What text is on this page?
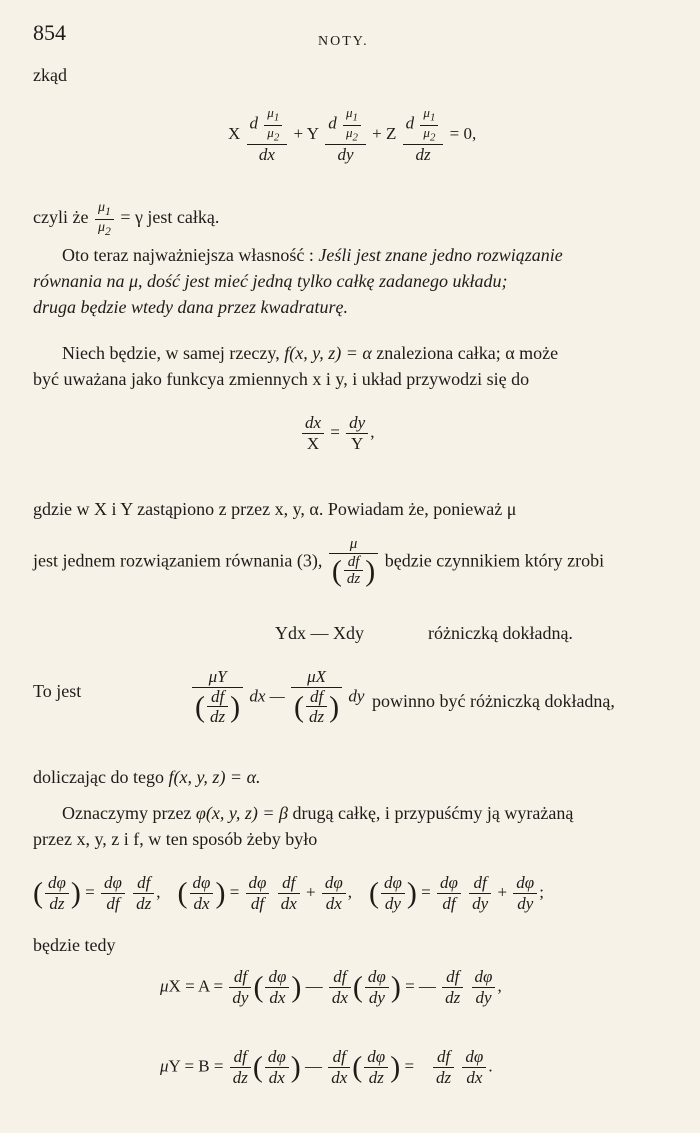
854	NOTY.
zkąd
X $\frac{d \frac{\mu_1}{\mu_2}}{dx} + Y \frac{d \frac{\mu_1}{\mu_2}}{dy} + Z \frac{d \frac{\mu_1}{\mu_2}}{dz} = 0$,
czyli że $\frac{\mu_1}{\mu_2} = \gamma$ jest całką.
Oto teraz najważniejsza własność : Jeśli jest znane jedno rozwiązanie
równania na μ, dość jest mieć jedną tylko całkę zadanego układu;
druga będzie wtedy dana przez kwadraturę.
Niech będzie, w samej rzeczy, f(x, y, z) = α znaleziona całka; α może
być uważana jako funkcya zmiennych x i y, i układ przywodzi się do
$\frac{dx}{X} = \frac{dy}{Y}$ ,
gdzie w X i Y zastąpiono z przez x, y, α. Powiadam że, ponieważ μ
jest jednem rozwiązaniem równania (3), $\frac{\mu}{( \frac{df}{dz} )}$ będzie czynnikiem który zrobi
Ydx — Xdy	różniczką dokładną.
To jest	$\frac{\mu Y}{( \frac{df}{dz} )}$ dx — $\frac{\mu X}{( \frac{df}{dz} )}$ dy powinno być różniczką dokładną,
doliczając do tego f(x, y, z) = α.
Oznaczymy przez φ(x, y, z) = β drugą całkę, i przypuśćmy ją wyrażaną
przez x, y, z i f, w ten sposób żeby było
( $\frac{d\varphi}{dz}$ ) = $\frac{d\varphi}{df}$
$\frac{df}{dz}$ , ( $\frac{d\varphi}{dx}$ ) = $\frac{d\varphi}{df}$
$\frac{df}{dx} + \frac{d\varphi}{dx}$ , ( $\frac{d\varphi}{dy}$ ) = $\frac{d\varphi}{df}$
$\frac{df}{dy} + \frac{d\varphi}{dy}$ ;
będzie tedy
$\mu X = A = \frac{df}{dy}$ ( $\frac{d\varphi}{dx}$ ) — $\frac{df}{dx}$ ( $\frac{d\varphi}{dy}$ ) = — $\frac{df}{dz}$
$\frac{d\varphi}{dy}$ ,
$\mu Y = B = \frac{df}{dz}$ ( $\frac{d\varphi}{dx}$ ) — $\frac{df}{dx}$ ( $\frac{d\varphi}{dz}$ ) = $\frac{df}{dz}$
$\frac{d\varphi}{dx}$ .
